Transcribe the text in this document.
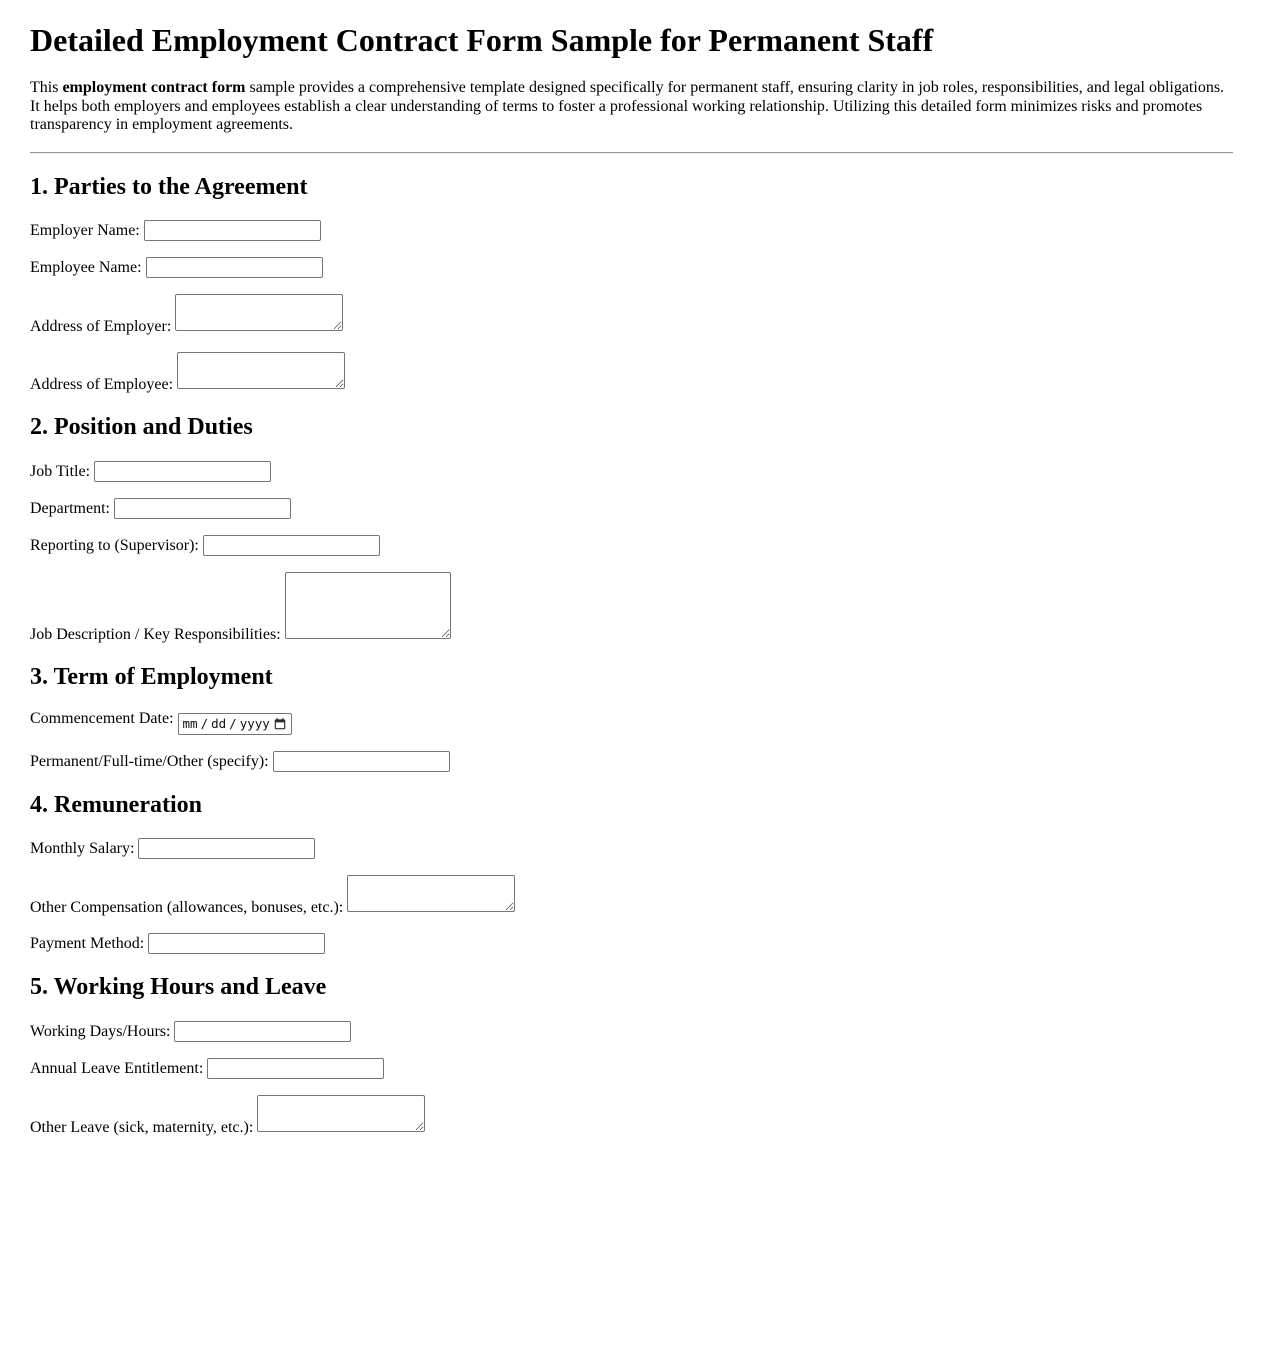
Detailed Employment Contract Form Sample for Permanent Staff

This employment contract form sample provides a comprehensive template designed specifically for permanent staff, ensuring clarity in job roles, responsibilities, and legal obligations. It helps both employers and employees establish a clear understanding of terms to foster a professional working relationship. Utilizing this detailed form minimizes risks and promotes transparency in employment agreements.

1. Parties to the Agreement

Employer Name:

Employee Name:

Address of Employer:

Address of Employee:

2. Position and Duties

Job Title:

Department:

Reporting to (Supervisor):

Job Description / Key Responsibilities:

3. Term of Employment

Commencement Date: mm / dd / yyyy

Permanent/Full-time/Other (specify):

4. Remuneration

Monthly Salary:

Other Compensation (allowances, bonuses, etc.):

Payment Method:

5. Working Hours and Leave

Working Days/Hours:

Annual Leave Entitlement:

Other Leave (sick, maternity, etc.):
